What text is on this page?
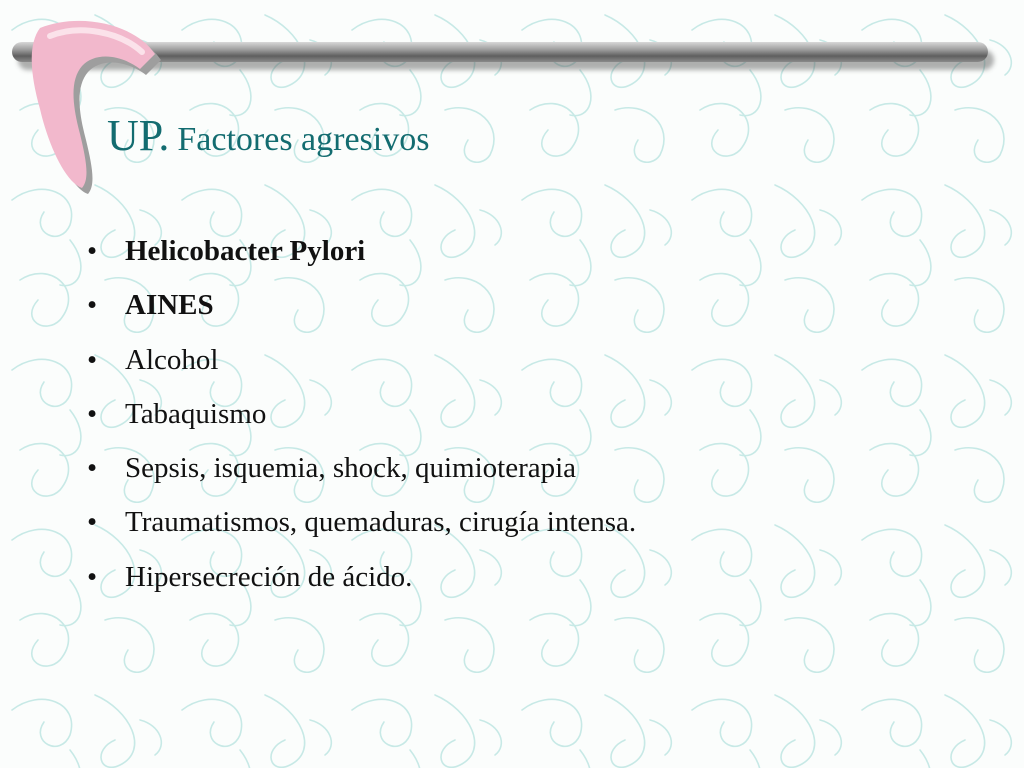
UP. Factores agresivos
• Helicobacter Pylori
• AINES
• Alcohol
• Tabaquismo
• Sepsis, isquemia, shock, quimioterapia
• Traumatismos, quemaduras, cirugía intensa.
• Hipersecreción de ácido.
